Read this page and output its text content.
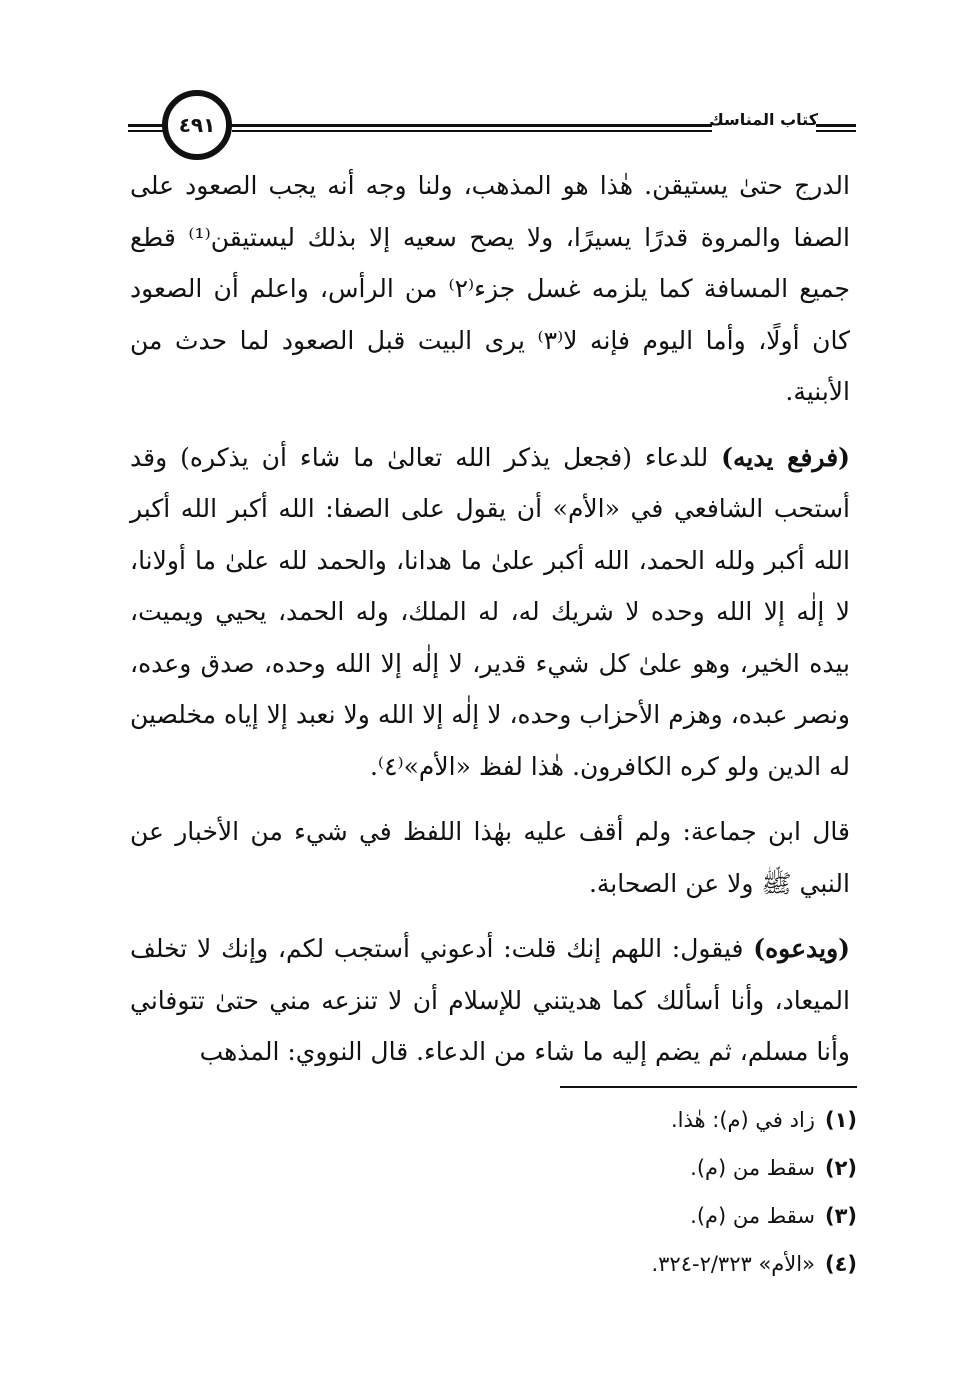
كتاب المناسك
٤٩١

الدرج حتىٰ يستيقن. هٰذا هو المذهب، ولنا وجه أنه يجب الصعود على الصفا والمروة قدرًا يسيرًا، ولا يصح سعيه إلا بذلك ليستيقن⁽¹⁾ قطع جميع المسافة كما يلزمه غسل جزء⁽٢⁾ من الرأس، واعلم أن الصعود كان أولًا، وأما اليوم فإنه لا⁽٣⁾ يرى البيت قبل الصعود لما حدث من الأبنية.

(فرفع يديه) للدعاء (فجعل يذكر الله تعالىٰ ما شاء أن يذكره) وقد أستحب الشافعي في «الأم» أن يقول على الصفا: الله أكبر الله أكبر الله أكبر ولله الحمد، الله أكبر علىٰ ما هدانا، والحمد لله علىٰ ما أولانا، لا إلٰه إلا الله وحده لا شريك له، له الملك، وله الحمد، يحيي ويميت، بيده الخير، وهو علىٰ كل شيء قدير، لا إلٰه إلا الله وحده، صدق وعده، ونصر عبده، وهزم الأحزاب وحده، لا إلٰه إلا الله ولا نعبد إلا إياه مخلصين له الدين ولو كره الكافرون. هٰذا لفظ «الأم»⁽٤⁾.

قال ابن جماعة: ولم أقف عليه بهٰذا اللفظ في شيء من الأخبار عن النبي ﷺ ولا عن الصحابة.

(ويدعوه) فيقول: اللهم إنك قلت: أدعوني أستجب لكم، وإنك لا تخلف الميعاد، وأنا أسألك كما هديتني للإسلام أن لا تنزعه مني حتىٰ تتوفاني وأنا مسلم، ثم يضم إليه ما شاء من الدعاء. قال النووي: المذهب

(١)زاد في (م): هٰذا.
(٢)سقط من (م).
(٣)سقط من (م).
(٤)«الأم» ٢/٣٢٣-٣٢٤.
